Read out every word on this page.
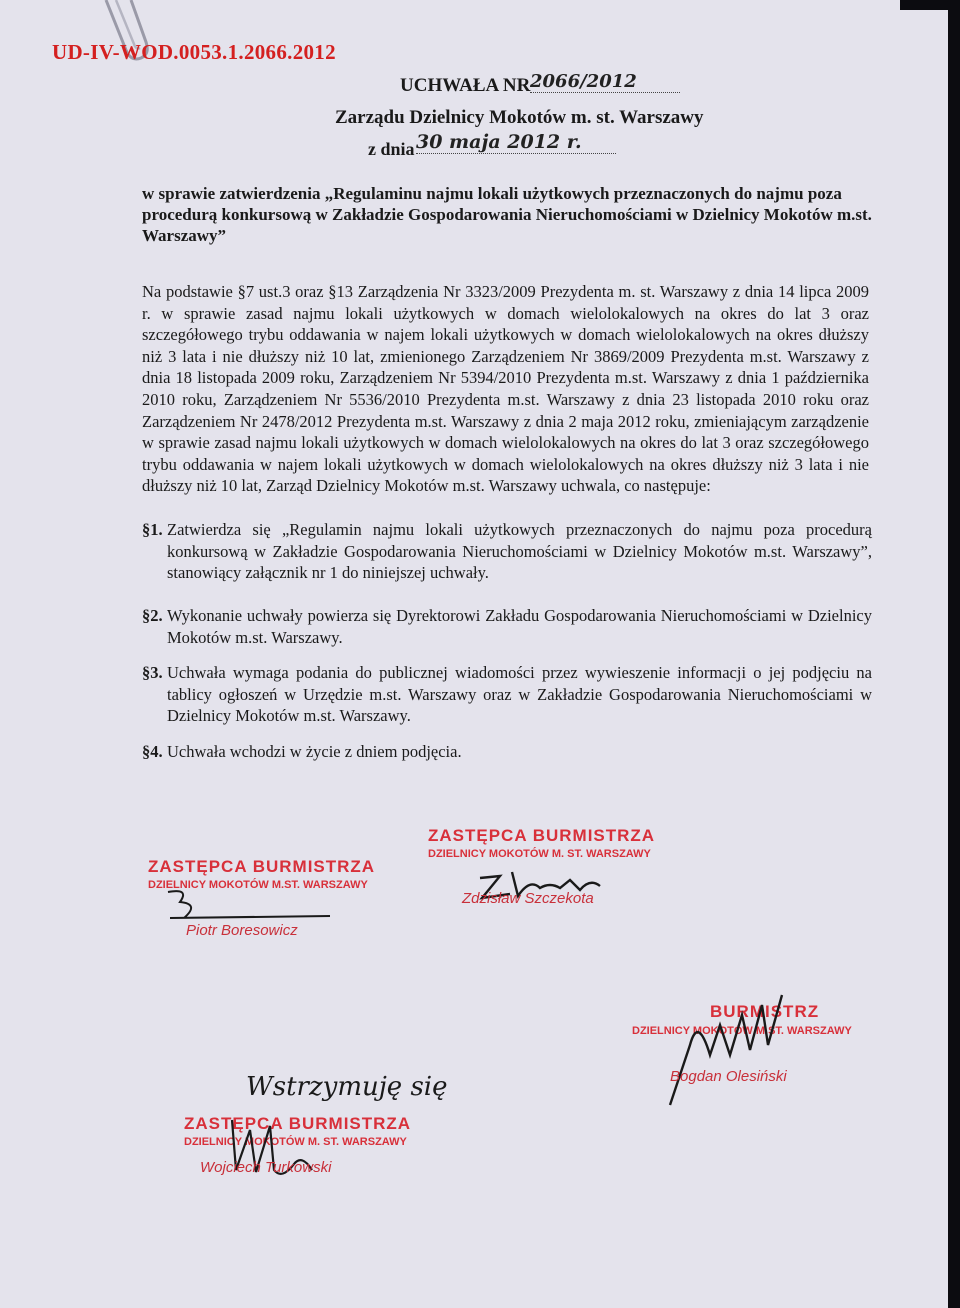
UD-IV-WOD.0053.1.2066.2012
UCHWAŁA NR 2066/2012
Zarządu Dzielnicy Mokotów m. st. Warszawy
z dnia 30 maja 2012 r.
w sprawie zatwierdzenia „Regulaminu najmu lokali użytkowych przeznaczonych do najmu poza procedurą konkursową w Zakładzie Gospodarowania Nieruchomościami w Dzielnicy Mokotów m.st. Warszawy”
Na podstawie §7 ust.3 oraz §13 Zarządzenia Nr 3323/2009 Prezydenta m. st. Warszawy z dnia 14 lipca 2009 r. w sprawie zasad najmu lokali użytkowych w domach wielolokalowych na okres do lat 3 oraz szczegółowego trybu oddawania w najem lokali użytkowych w domach wielolokalowych na okres dłuższy niż 3 lata i nie dłuższy niż 10 lat, zmienionego Zarządzeniem Nr 3869/2009 Prezydenta m.st. Warszawy z dnia 18 listopada 2009 roku, Zarządzeniem Nr 5394/2010 Prezydenta m.st. Warszawy z dnia 1 października 2010 roku, Zarządzeniem Nr 5536/2010 Prezydenta m.st. Warszawy z dnia 23 listopada 2010 roku oraz Zarządzeniem Nr 2478/2012 Prezydenta m.st. Warszawy z dnia 2 maja 2012 roku, zmieniającym zarządzenie w sprawie zasad najmu lokali użytkowych w domach wielolokalowych na okres do lat 3 oraz szczegółowego trybu oddawania w najem lokali użytkowych w domach wielolokalowych na okres dłuższy niż 3 lata i nie dłuższy niż 10 lat, Zarząd Dzielnicy Mokotów m.st. Warszawy uchwala, co następuje:
§1. Zatwierdza się „Regulamin najmu lokali użytkowych przeznaczonych do najmu poza procedurą konkursową w Zakładzie Gospodarowania Nieruchomościami w Dzielnicy Mokotów m.st. Warszawy”, stanowiący załącznik nr 1 do niniejszej uchwały.
§2. Wykonanie uchwały powierza się Dyrektorowi Zakładu Gospodarowania Nieruchomościami w Dzielnicy Mokotów m.st. Warszawy.
§3. Uchwała wymaga podania do publicznej wiadomości przez wywieszenie informacji o jej podjęciu na tablicy ogłoszeń w Urzędzie m.st. Warszawy oraz w Zakładzie Gospodarowania Nieruchomościami w Dzielnicy Mokotów m.st. Warszawy.
§4. Uchwała wchodzi w życie z dniem podjęcia.
ZASTĘPCA BURMISTRZA
DZIELNICY MOKOTÓW M. ST. WARSZAWY
Zdzisław Szczekota
ZASTĘPCA BURMISTRZA
DZIELNICY MOKOTÓW M.ST. WARSZAWY
Piotr Boresowicz
BURMISTRZ
DZIELNICY MOKOTÓW M.ST. WARSZAWY
Bogdan Olesiński
Wstrzymuję się
ZASTĘPCA BURMISTRZA
DZIELNICY MOKOTÓW M. ST. WARSZAWY
Wojciech Turkowski
